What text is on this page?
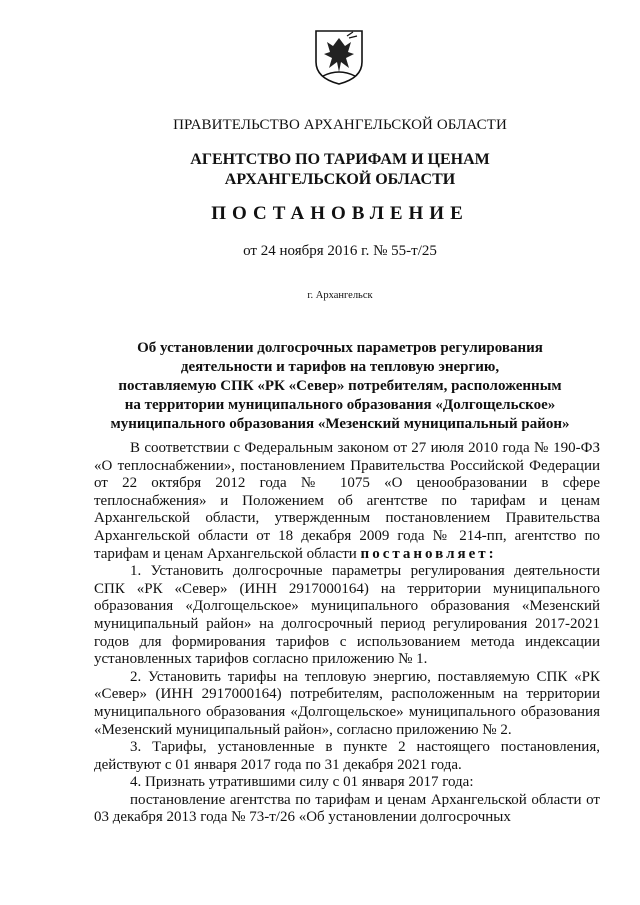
ПРАВИТЕЛЬСТВО АРХАНГЕЛЬСКОЙ ОБЛАСТИ
АГЕНТСТВО ПО ТАРИФАМ И ЦЕНАМ
АРХАНГЕЛЬСКОЙ ОБЛАСТИ
ПОСТАНОВЛЕНИЕ
от 24 ноября 2016 г. № 55-т/25
г. Архангельск
Об установлении долгосрочных параметров регулирования
деятельности и тарифов на тепловую энергию,
поставляемую СПК «РК «Север» потребителям, расположенным
на территории муниципального образования «Долгощельское»
муниципального образования «Мезенский муниципальный район»

В соответствии с Федеральным законом от 27 июля 2010 года № 190-ФЗ «О теплоснабжении», постановлением Правительства Российской Федерации от 22 октября 2012 года № 1075 «О ценообразовании в сфере теплоснабжения» и Положением об агентстве по тарифам и ценам Архангельской области, утвержденным постановлением Правительства Архангельской области от 18 декабря 2009 года № 214-пп, агентство по тарифам и ценам Архангельской области постановляет:

1. Установить долгосрочные параметры регулирования деятельности СПК «РК «Север» (ИНН 2917000164) на территории муниципального образования «Долгощельское» муниципального образования «Мезенский муниципальный район» на долгосрочный период регулирования 2017-2021 годов для формирования тарифов с использованием метода индексации установленных тарифов согласно приложению № 1.

2. Установить тарифы на тепловую энергию, поставляемую СПК «РК «Север» (ИНН 2917000164) потребителям, расположенным на территории муниципального образования «Долгощельское» муниципального образования «Мезенский муниципальный район», согласно приложению № 2.

3. Тарифы, установленные в пункте 2 настоящего постановления, действуют с 01 января 2017 года по 31 декабря 2021 года.

4. Признать утратившими силу с 01 января 2017 года:

постановление агентства по тарифам и ценам Архангельской области от 03 декабря 2013 года № 73-т/26 «Об установлении долгосрочных
